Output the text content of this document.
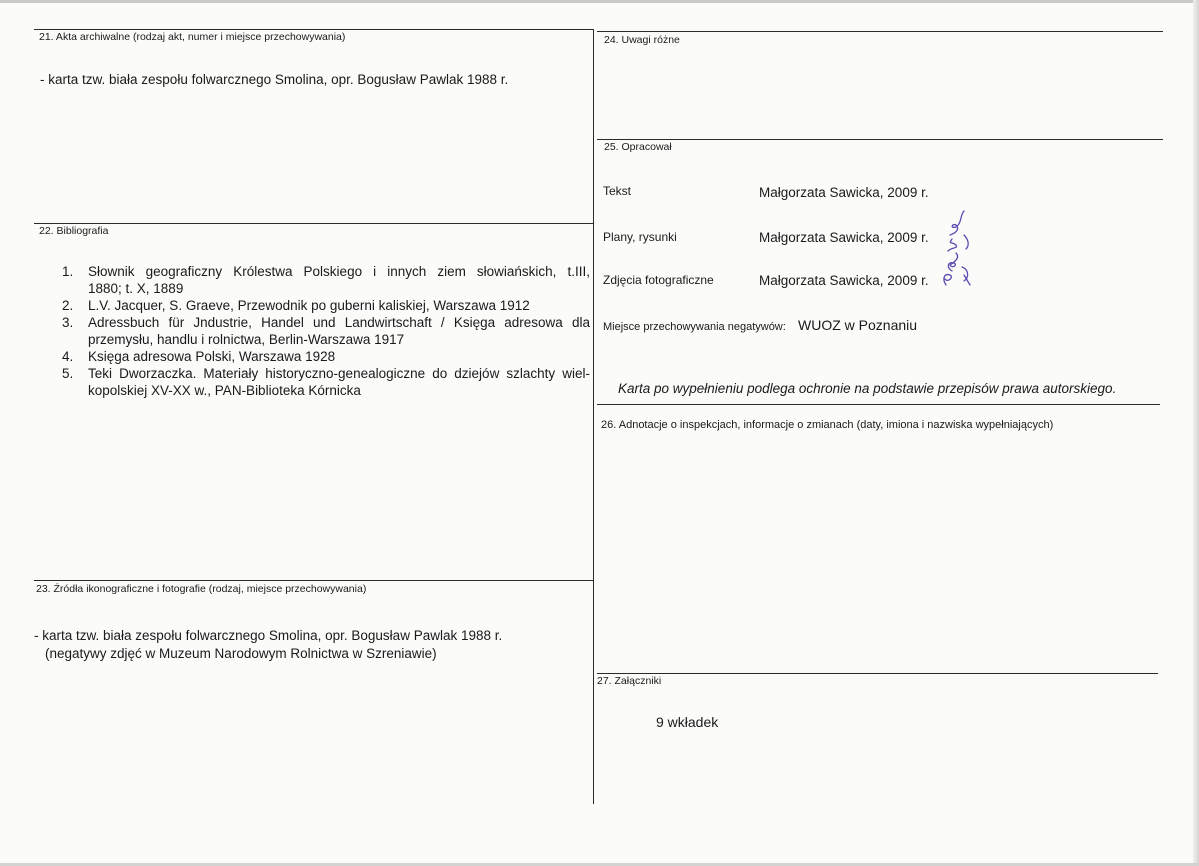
21. Akta archiwalne (rodzaj akt, numer i miejsce przechowywania)
- karta tzw. biała zespołu folwarcznego Smolina, opr. Bogusław Pawlak 1988 r.
22. Bibliografia
1. Słownik geograficzny Królestwa Polskiego i innych ziem słowiańskich, t.III,
1880; t. X, 1889
2. L.V. Jacquer, S. Graeve, Przewodnik po guberni kaliskiej, Warszawa 1912
3. Adressbuch für Jndustrie, Handel und Landwirtschaft / Księga adresowa dla
przemysłu, handlu i rolnictwa, Berlin-Warszawa 1917
4. Księga adresowa Polski, Warszawa 1928
5. Teki Dworzaczka. Materiały historyczno-genealogiczne do dziejów szlachty wiel-
kopolskiej XV-XX w., PAN-Biblioteka Kórnicka
23. Źródła ikonograficzne i fotografie (rodzaj, miejsce przechowywania)
- karta tzw. biała zespołu folwarcznego Smolina, opr. Bogusław Pawlak 1988 r.
(negatywy zdjęć w Muzeum Narodowym Rolnictwa w Szreniawie)
24. Uwagi różne
25. Opracował
Tekst	Małgorzata Sawicka, 2009 r.
Plany, rysunki	Małgorzata Sawicka, 2009 r.
Zdjęcia fotograficzne	Małgorzata Sawicka, 2009 r.
Miejsce przechowywania negatywów: WUOZ w Poznaniu
Karta po wypełnieniu podlega ochronie na podstawie przepisów prawa autorskiego.
26. Adnotacje o inspekcjach, informacje o zmianach (daty, imiona i nazwiska wypełniających)
27. Załączniki
9 wkładek
